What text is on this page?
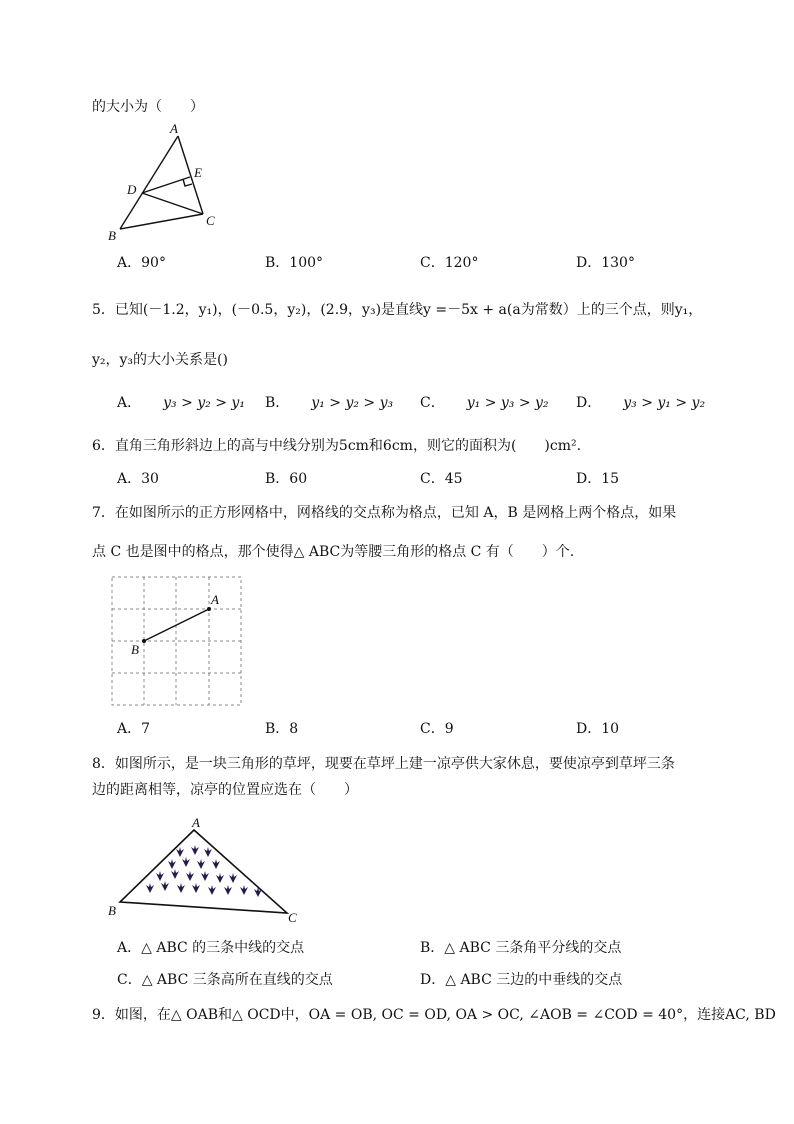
的大小为（　　）
A
E
D
C
B
A．90°	B．100°	C．120°	D．130°
5．已知(－1.2，y₁)，(－0.5，y₂)，(2.9，y₃)是直线y =－5x + a(a为常数）上的三个点，则y₁，
y₂，y₃的大小关系是()
A． y₃ > y₂ > y₁ B． y₁ > y₂ > y₃ C． y₁ > y₃ > y₂ D． y₃ > y₁ > y₂
6．直角三角形斜边上的高与中线分别为5cm和6cm，则它的面积为(　　)cm².
A．30	B．60	C．45	D．15
7．在如图所示的正方形网格中，网格线的交点称为格点，已知 A，B 是网格上两个格点，如果
点 C 也是图中的格点，那个使得△ ABC为等腰三角形的格点 C 有（　　）个.
A
B
A．7	B．8	C．9	D．10
8．如图所示，是一块三角形的草坪，现要在草坪上建一凉亭供大家休息，要使凉亭到草坪三条
边的距离相等，凉亭的位置应选在（　　）
A
B	C
A．△ ABC 的三条中线的交点	B．△ ABC 三条角平分线的交点
C．△ ABC 三条高所在直线的交点	D．△ ABC 三边的中垂线的交点
9．如图，在△ OAB和△ OCD中，OA = OB, OC = OD, OA > OC, ∠AOB = ∠COD = 40°，连接AC, BD
